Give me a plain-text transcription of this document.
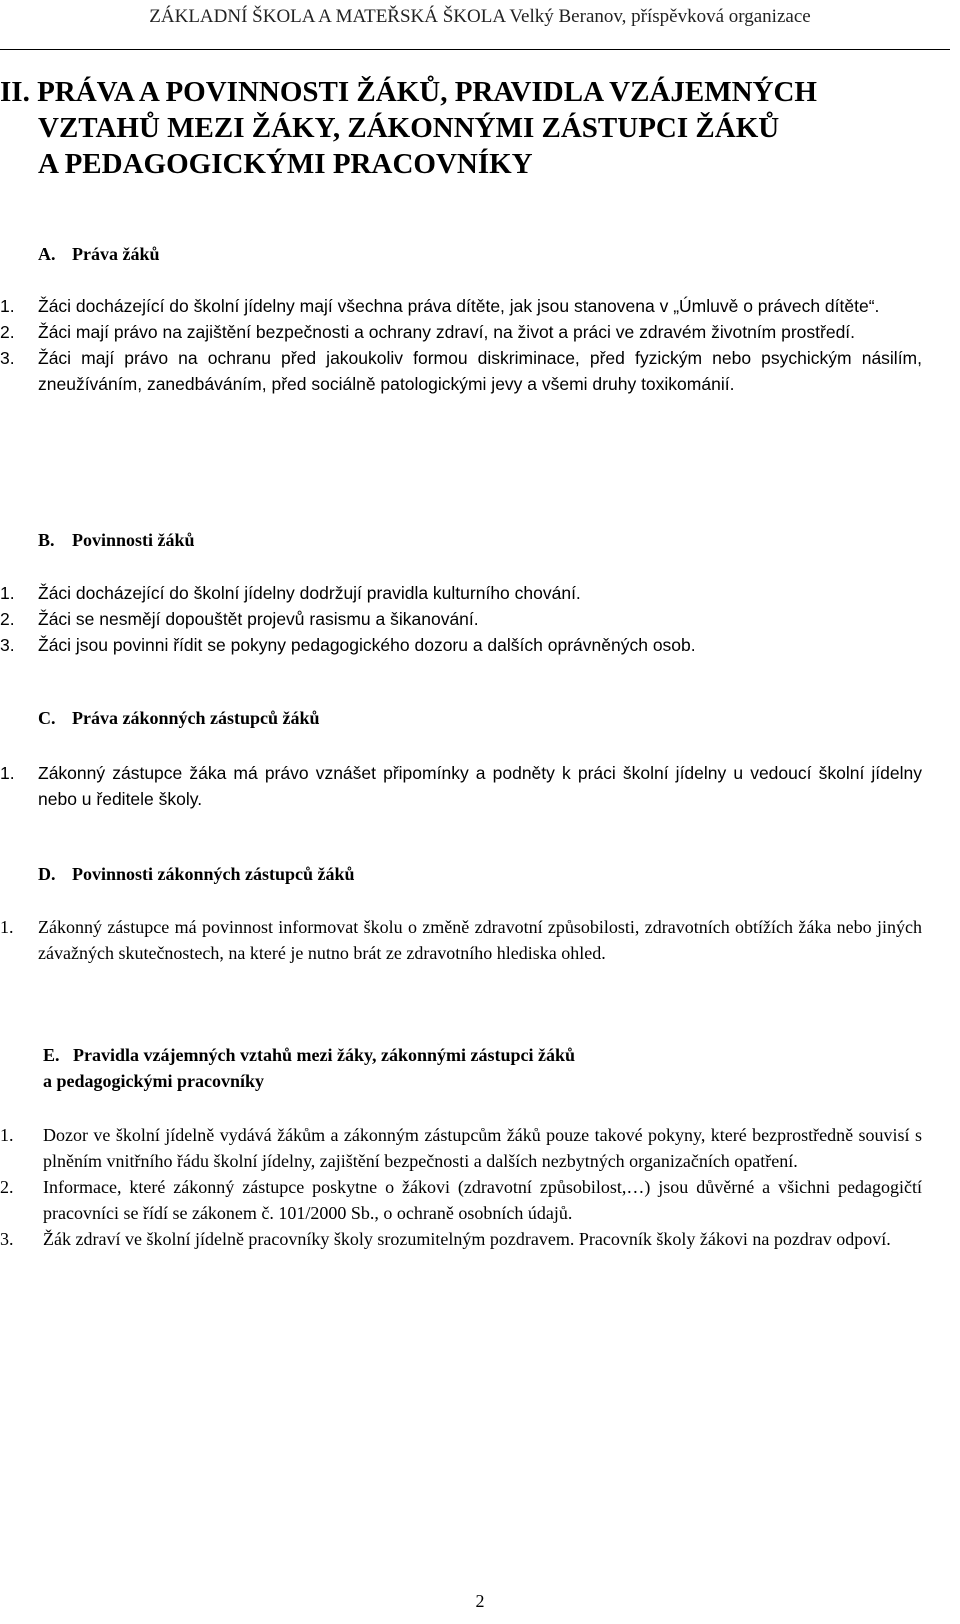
ZÁKLADNÍ ŠKOLA A MATEŘSKÁ ŠKOLA Velký Beranov, příspěvková organizace
II. PRÁVA A POVINNOSTI ŽÁKŮ, PRAVIDLA VZÁJEMNÝCH
VZTAHŮ MEZI ŽÁKY, ZÁKONNÝMI ZÁSTUPCI ŽÁKŮ
A PEDAGOGICKÝMI PRACOVNÍKY
A. Práva žáků
1. Žáci docházející do školní jídelny mají všechna práva dítěte, jak jsou stanovena v „Úmluvě o právech dítěte“.
2. Žáci mají právo na zajištění bezpečnosti a ochrany zdraví, na život a práci ve zdravém životním prostředí.
3. Žáci mají právo na ochranu před jakoukoliv formou diskriminace, před fyzickým nebo psychickým násilím, zneužíváním, zanedbáváním, před sociálně patologickými jevy a všemi druhy toxikománií.
B. Povinnosti žáků
1. Žáci docházející do školní jídelny dodržují pravidla kulturního chování.
2. Žáci se nesmějí dopouštět projevů rasismu a šikanování.
3. Žáci jsou povinni řídit se pokyny pedagogického dozoru a dalších oprávněných osob.
C. Práva zákonných zástupců žáků
1. Zákonný zástupce žáka má právo vznášet připomínky a podněty k práci školní jídelny u vedoucí školní jídelny nebo u ředitele školy.
D. Povinnosti zákonných zástupců žáků
1. Zákonný zástupce má povinnost informovat školu o změně zdravotní způsobilosti, zdravotních obtížích žáka nebo jiných závažných skutečnostech, na které je nutno brát ze zdravotního hlediska ohled.
E. Pravidla vzájemných vztahů mezi žáky, zákonnými zástupci žáků
a pedagogickými pracovníky
1. Dozor ve školní jídelně vydává žákům a zákonným zástupcům žáků pouze takové pokyny, které bezprostředně souvisí s plněním vnitřního řádu školní jídelny, zajištění bezpečnosti a dalších nezbytných organizačních opatření.
2. Informace, které zákonný zástupce poskytne o žákovi (zdravotní způsobilost,…) jsou důvěrné a všichni pedagogičtí pracovníci se řídí se zákonem č. 101/2000 Sb., o ochraně osobních údajů.
3. Žák zdraví ve školní jídelně pracovníky školy srozumitelným pozdravem. Pracovník školy žákovi na pozdrav odpoví.
2
